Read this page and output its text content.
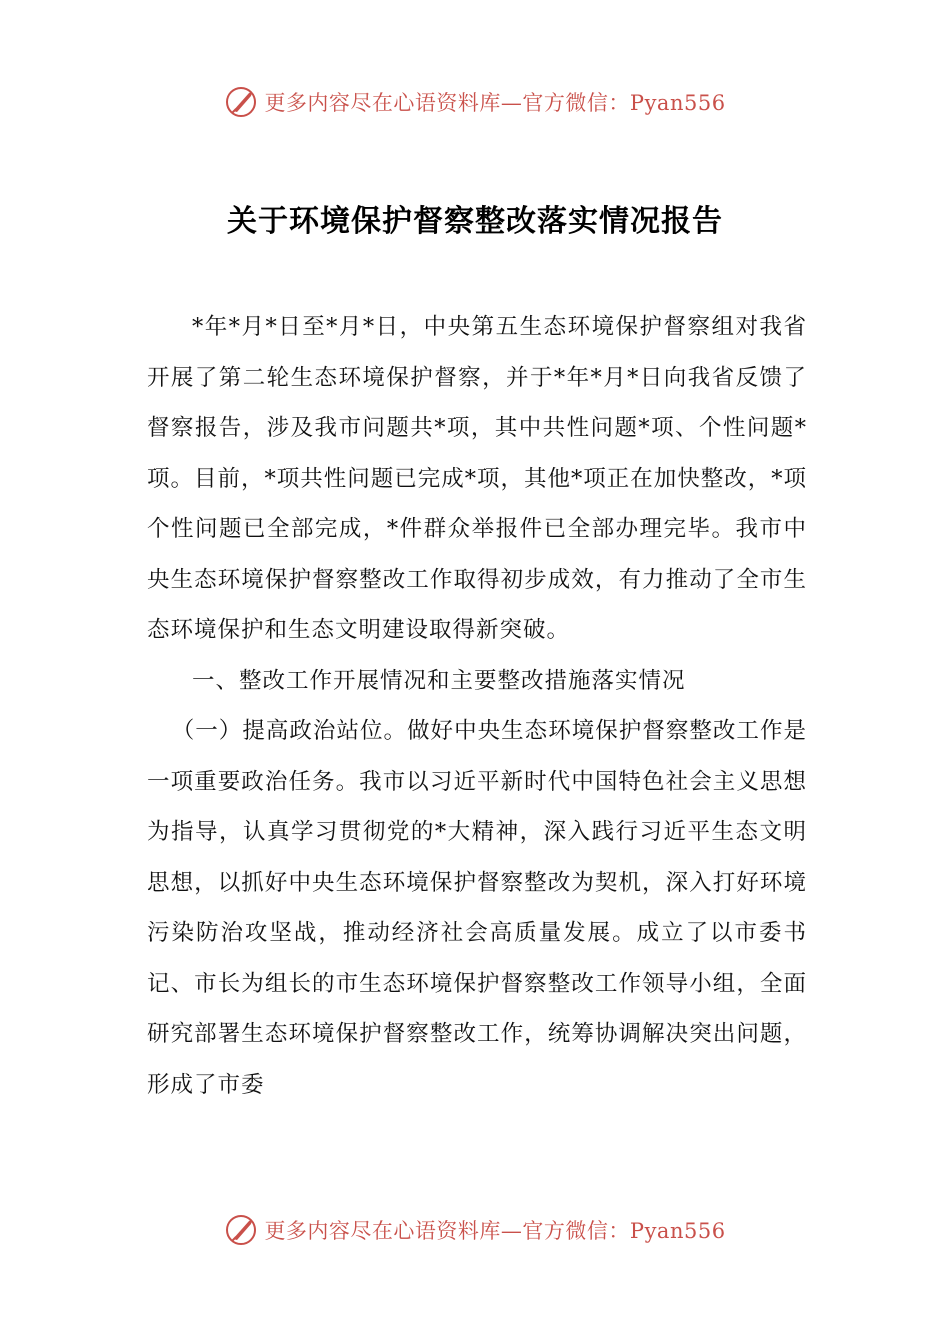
更多内容尽在心语资料库—官方微信：Pyan556
关于环境保护督察整改落实情况报告

*年*月*日至*月*日，中央第五生态环境保护督察组对我省开展了第二轮生态环境保护督察，并于*年*月*日向我省反馈了督察报告，涉及我市问题共*项，其中共性问题*项、个性问题*项。目前，*项共性问题已完成*项，其他*项正在加快整改，*项个性问题已全部完成，*件群众举报件已全部办理完毕。我市中央生态环境保护督察整改工作取得初步成效，有力推动了全市生态环境保护和生态文明建设取得新突破。

一、整改工作开展情况和主要整改措施落实情况

（一）提高政治站位。做好中央生态环境保护督察整改工作是一项重要政治任务。我市以习近平新时代中国特色社会主义思想为指导，认真学习贯彻党的*大精神，深入践行习近平生态文明思想，以抓好中央生态环境保护督察整改为契机，深入打好环境污染防治攻坚战，推动经济社会高质量发展。成立了以市委书记、市长为组长的市生态环境保护督察整改工作领导小组，全面研究部署生态环境保护督察整改工作，统筹协调解决突出问题，形成了市委

更多内容尽在心语资料库—官方微信：Pyan556
